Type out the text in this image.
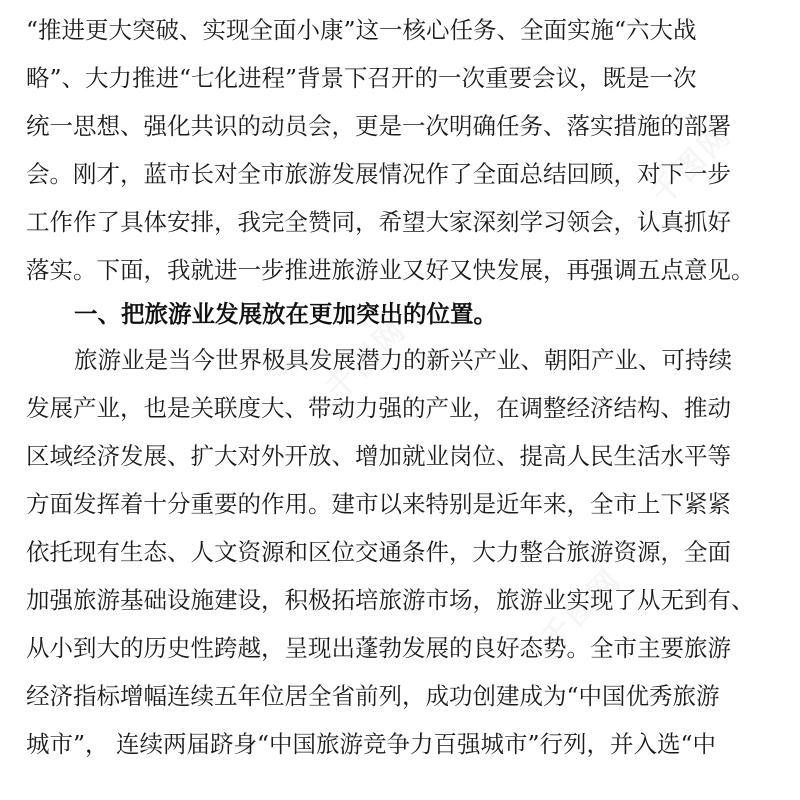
千图网
千图网
千图网
“推进更大突破、实现全面小康”这一核心任务、全面实施“六大战
略”、大力推进“七化进程”背景下召开的一次重要会议，既是一次
统一思想、强化共识的动员会，更是一次明确任务、落实措施的部署
会。刚才，蓝市长对全市旅游发展情况作了全面总结回顾，对下一步
工作作了具体安排，我完全赞同，希望大家深刻学习领会，认真抓好
落实。下面，我就进一步推进旅游业又好又快发展，再强调五点意见。
一、把旅游业发展放在更加突出的位置。
旅游业是当今世界极具发展潜力的新兴产业、朝阳产业、可持续
发展产业，也是关联度大、带动力强的产业，在调整经济结构、推动
区域经济发展、扩大对外开放、增加就业岗位、提高人民生活水平等
方面发挥着十分重要的作用。建市以来特别是近年来，全市上下紧紧
依托现有生态、人文资源和区位交通条件，大力整合旅游资源，全面
加强旅游基础设施建设，积极拓培旅游市场，旅游业实现了从无到有、
从小到大的历史性跨越，呈现出蓬勃发展的良好态势。全市主要旅游
经济指标增幅连续五年位居全省前列，成功创建成为“中国优秀旅游
城市”， 连续两届跻身“中国旅游竞争力百强城市”行列，并入选“中
